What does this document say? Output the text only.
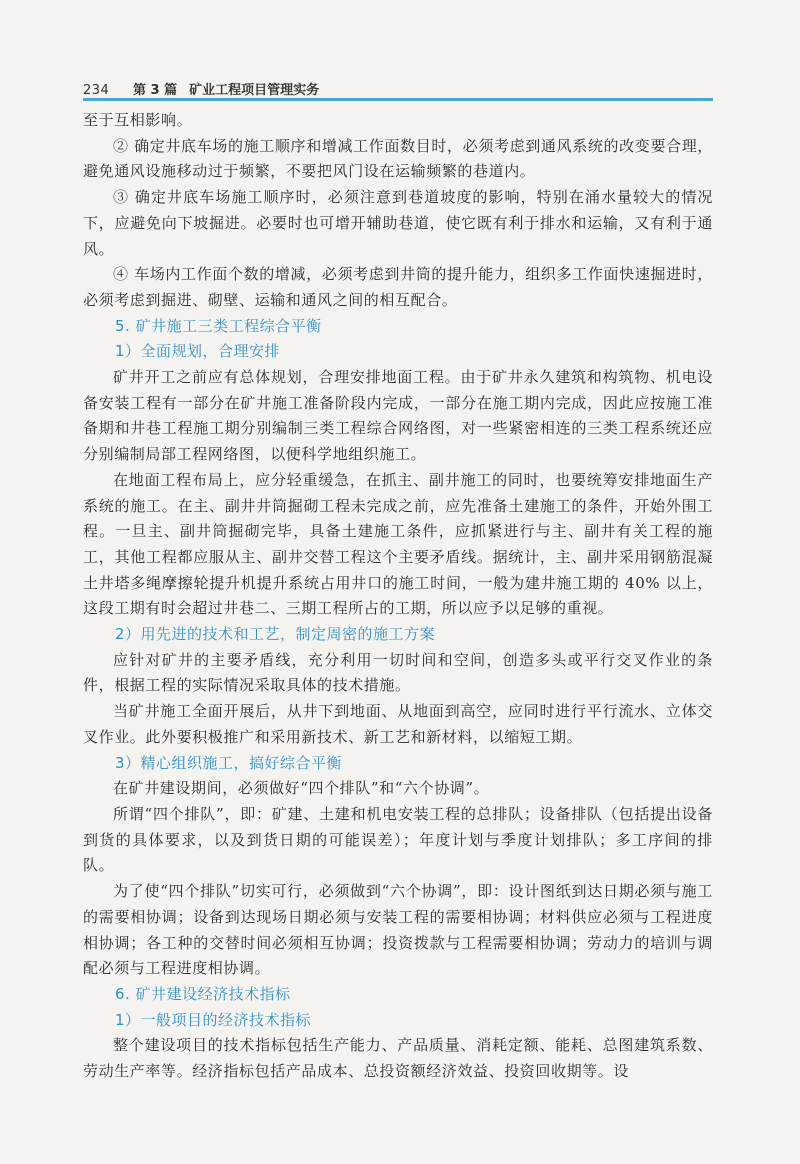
234	第 3 篇 矿业工程项目管理实务

至于互相影响。

② 确定井底车场的施工顺序和增减工作面数目时，必须考虑到通风系统的改变要合理，避免通风设施移动过于频繁，不要把风门设在运输频繁的巷道内。

③ 确定井底车场施工顺序时，必须注意到巷道坡度的影响，特别在涌水量较大的情况下，应避免向下坡掘进。必要时也可增开辅助巷道，使它既有利于排水和运输，又有利于通风。

④ 车场内工作面个数的增减，必须考虑到井筒的提升能力，组织多工作面快速掘进时，必须考虑到掘进、砌壁、运输和通风之间的相互配合。

5. 矿井施工三类工程综合平衡
1）全面规划，合理安排

矿井开工之前应有总体规划，合理安排地面工程。由于矿井永久建筑和构筑物、机电设备安装工程有一部分在矿井施工准备阶段内完成，一部分在施工期内完成，因此应按施工准备期和井巷工程施工期分别编制三类工程综合网络图，对一些紧密相连的三类工程系统还应分别编制局部工程网络图，以便科学地组织施工。

在地面工程布局上，应分轻重缓急，在抓主、副井施工的同时，也要统筹安排地面生产系统的施工。在主、副井井筒掘砌工程未完成之前，应先准备土建施工的条件，开始外围工程。一旦主、副井筒掘砌完毕，具备土建施工条件，应抓紧进行与主、副井有关工程的施工，其他工程都应服从主、副井交替工程这个主要矛盾线。据统计，主、副井采用钢筋混凝土井塔多绳摩擦轮提升机提升系统占用井口的施工时间，一般为建井施工期的 40% 以上，这段工期有时会超过井巷二、三期工程所占的工期，所以应予以足够的重视。

2）用先进的技术和工艺，制定周密的施工方案

应针对矿井的主要矛盾线，充分利用一切时间和空间，创造多头或平行交叉作业的条件，根据工程的实际情况采取具体的技术措施。

当矿井施工全面开展后，从井下到地面、从地面到高空，应同时进行平行流水、立体交叉作业。此外要积极推广和采用新技术、新工艺和新材料，以缩短工期。

3）精心组织施工，搞好综合平衡

在矿井建设期间，必须做好“四个排队”和“六个协调”。

所谓“四个排队”，即：矿建、土建和机电安装工程的总排队；设备排队（包括提出设备到货的具体要求，以及到货日期的可能误差）；年度计划与季度计划排队；多工序间的排队。

为了使“四个排队”切实可行，必须做到“六个协调”，即：设计图纸到达日期必须与施工的需要相协调；设备到达现场日期必须与安装工程的需要相协调；材料供应必须与工程进度相协调；各工种的交替时间必须相互协调；投资拨款与工程需要相协调；劳动力的培训与调配必须与工程进度相协调。

6. 矿井建设经济技术指标
1）一般项目的经济技术指标

整个建设项目的技术指标包括生产能力、产品质量、消耗定额、能耗、总图建筑系数、劳动生产率等。经济指标包括产品成本、总投资额经济效益、投资回收期等。设
